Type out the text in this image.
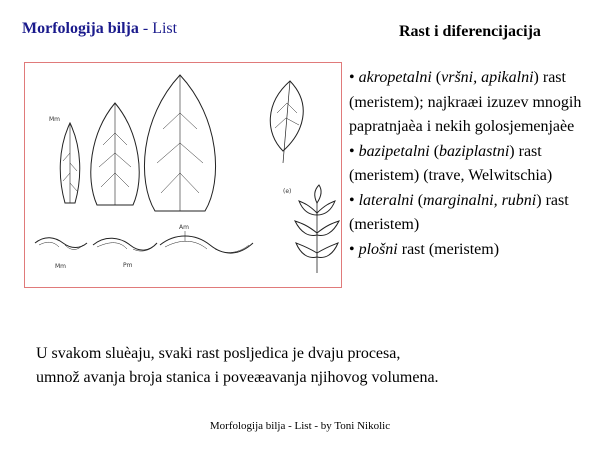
Morfologija bilja - List	Rast i diferencijacija
Mm
(e)
Mm	Pm
Am

• akropetalni (vršni, apikalni) rast (meristem); najkraæi izuzev mnogih papratnjaèa i nekih golosjemenjaèe

• bazipetalni (baziplastni) rast (meristem) (trave, Welwitschia)

• lateralni (marginalni, rubni) rast (meristem)

• plošni rast (meristem)

U svakom sluèaju, svaki rast posljedica je dvaju procesa,

umnož avanja broja stanica i poveæavanja njihovog volumena.

Morfologija bilja - List - by Toni Nikolic
